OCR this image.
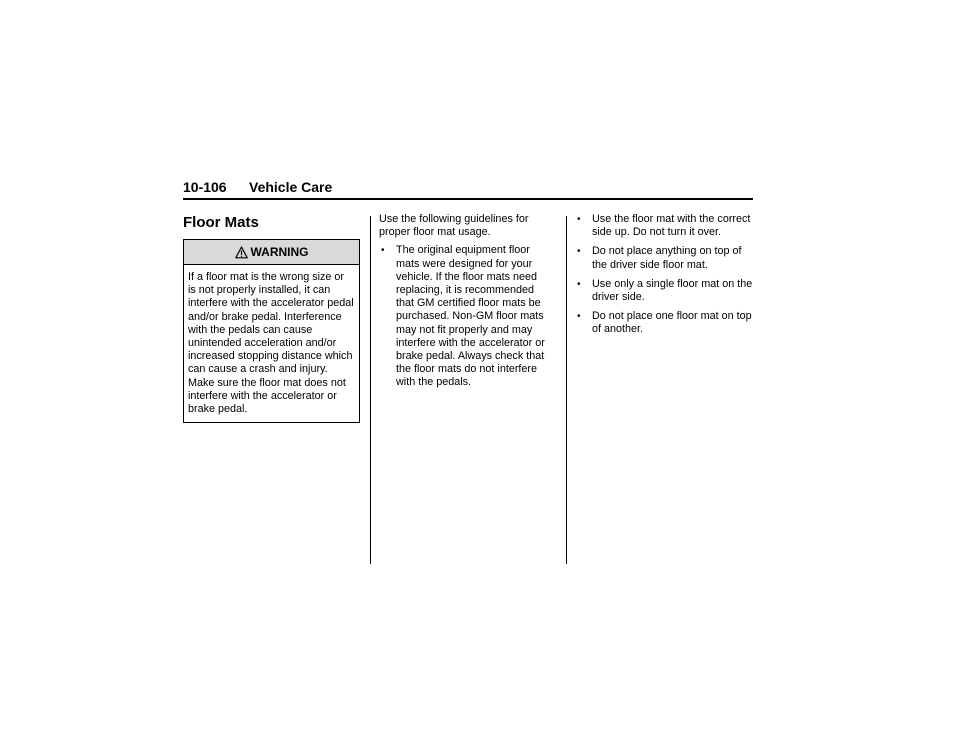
10-106 Vehicle Care
Floor Mats
WARNING
If a floor mat is the wrong size or is not properly installed, it can interfere with the accelerator pedal and/or brake pedal. Interference with the pedals can cause unintended acceleration and/or increased stopping distance which can cause a crash and injury. Make sure the floor mat does not interfere with the accelerator or brake pedal.

Use the following guidelines for proper floor mat usage.

• The original equipment floor mats were designed for your vehicle. If the floor mats need replacing, it is recommended that GM certified floor mats be purchased. Non-GM floor mats may not fit properly and may interfere with the accelerator or brake pedal. Always check that the floor mats do not interfere with the pedals.
• Use the floor mat with the correct side up. Do not turn it over.
• Do not place anything on top of the driver side floor mat.
• Use only a single floor mat on the driver side.
• Do not place one floor mat on top of another.
